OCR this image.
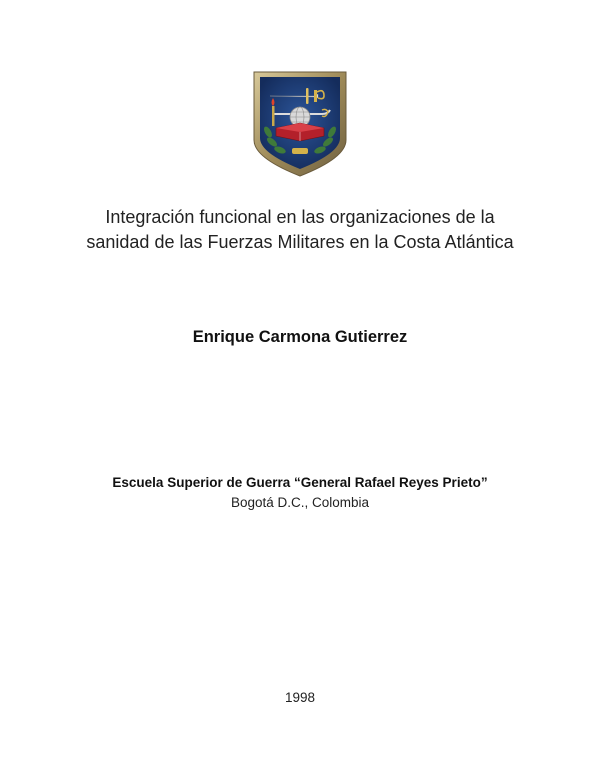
Integración funcional en las organizaciones de la
sanidad de las Fuerzas Militares en la Costa Atlántica
Enrique Carmona Gutierrez
Escuela Superior de Guerra “General Rafael Reyes Prieto”
Bogotá D.C., Colombia
1998
